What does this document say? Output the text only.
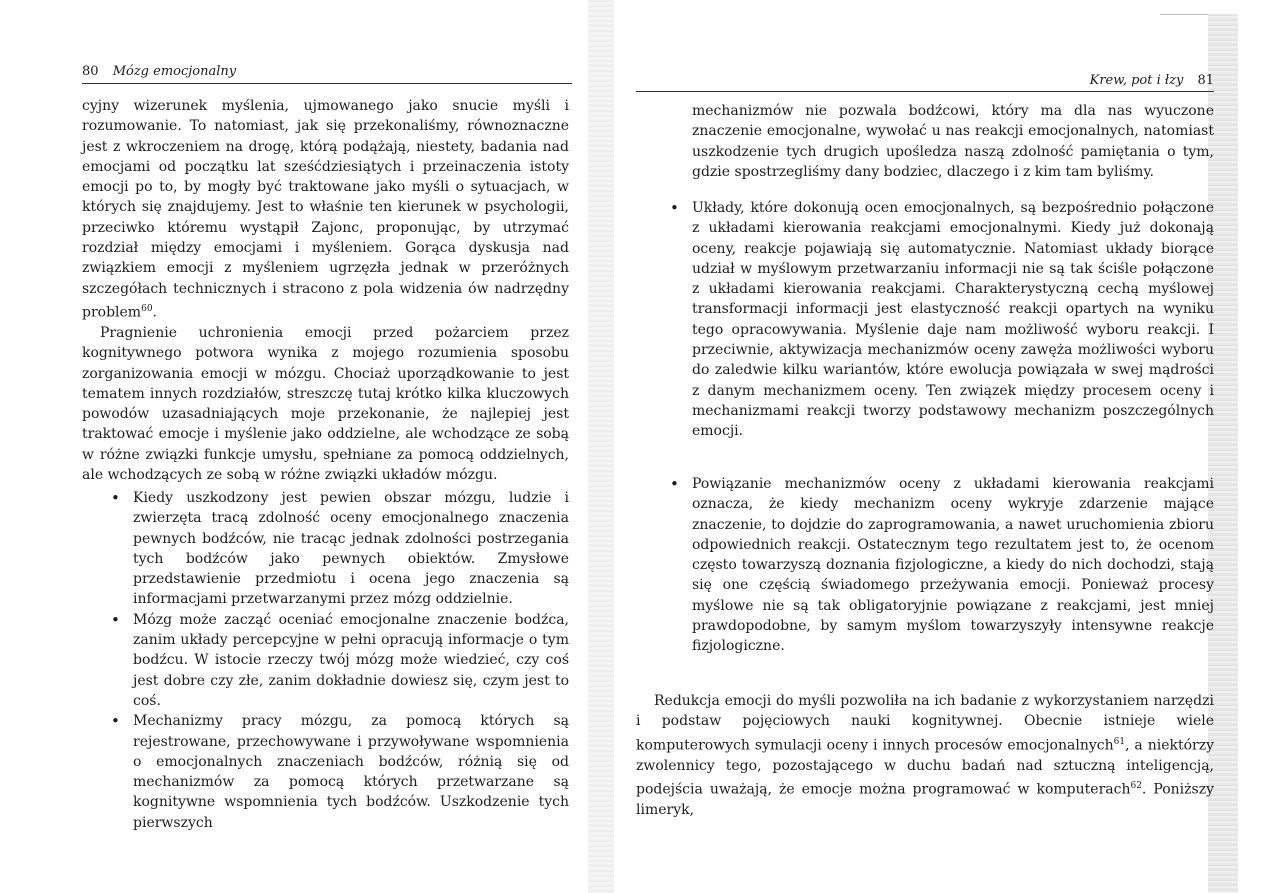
80 Mózg emocjonalny

cyjny wizerunek myślenia, ujmowanego jako snucie myśli i rozumowanie. To natomiast, jak się przekonaliśmy, równoznaczne jest z wkroczeniem na drogę, którą podążają, niestety, badania nad emocjami od początku lat sześćdziesiątych i przeinaczenia istoty emocji po to, by mogły być traktowane jako myśli o sytuacjach, w których się znajdujemy. Jest to właśnie ten kierunek w psychologii, przeciwko któremu wystąpił Zajonc, proponując, by utrzymać rozdział między emocjami i myśleniem. Gorąca dyskusja nad związkiem emocji z myśleniem ugrzęzła jednak w przeróżnych szczegółach technicznych i stracono z pola widzenia ów nadrzędny problem$^{60}$.

Pragnienie uchronienia emocji przed pożarciem przez kognitywnego potwora wynika z mojego rozumienia sposobu zorganizowania emocji w mózgu. Chociaż uporządkowanie to jest tematem innych rozdziałów, streszczę tutaj krótko kilka kluczowych powodów uzasadniających moje przekonanie, że najlepiej jest traktować emocje i myślenie jako oddzielne, ale wchodzące ze sobą w różne związki funkcje umysłu, spełniane za pomocą oddzielnych, ale wchodzących ze sobą w różne związki układów mózgu.

• Kiedy uszkodzony jest pewien obszar mózgu, ludzie i zwierzęta tracą zdolność oceny emocjonalnego znaczenia pewnych bodźców, nie tracąc jednak zdolności postrzegania tych bodźców jako pewnych obiektów. Zmysłowe przedstawienie przedmiotu i ocena jego znaczenia są informacjami przetwarzanymi przez mózg oddzielnie.
• Mózg może zacząć oceniać emocjonalne znaczenie bodźca, zanim układy percepcyjne w pełni opracują informacje o tym bodźcu. W istocie rzeczy twój mózg może wiedzieć, czy coś jest dobre czy złe, zanim dokładnie dowiesz się, czym jest to coś.
• Mechanizmy pracy mózgu, za pomocą których są rejestrowane, przechowywane i przywoływane wspomnienia o emocjonalnych znaczeniach bodźców, różnią się od mechanizmów za pomocą których przetwarzane są kognitywne wspomnienia tych bodźców. Uszkodzenie tych pierwszych
Krew, pot i łzy 81

mechanizmów nie pozwala bodźcowi, który ma dla nas wyuczone znaczenie emocjonalne, wywołać u nas reakcji emocjonalnych, natomiast uszkodzenie tych drugich upośledza naszą zdolność pamiętania o tym, gdzie spostrzegliśmy dany bodziec, dlaczego i z kim tam byliśmy.

• Układy, które dokonują ocen emocjonalnych, są bezpośrednio połączone z układami kierowania reakcjami emocjonalnymi. Kiedy już dokonają oceny, reakcje pojawiają się automatycznie. Natomiast układy biorące udział w myślowym przetwarzaniu informacji nie są tak ściśle połączone z układami kierowania reakcjami. Charakterystyczną cechą myślowej transformacji informacji jest elastyczność reakcji opartych na wyniku tego opracowywania. Myślenie daje nam możliwość wyboru reakcji. I przeciwnie, aktywizacja mechanizmów oceny zawęża możliwości wyboru do zaledwie kilku wariantów, które ewolucja powiązała w swej mądrości z danym mechanizmem oceny. Ten związek między procesem oceny i mechanizmami reakcji tworzy podstawowy mechanizm poszczególnych emocji.
• Powiązanie mechanizmów oceny z układami kierowania reakcjami oznacza, że kiedy mechanizm oceny wykryje zdarzenie mające znaczenie, to dojdzie do zaprogramowania, a nawet uruchomienia zbioru odpowiednich reakcji. Ostatecznym tego rezultatem jest to, że ocenom często towarzyszą doznania fizjologiczne, a kiedy do nich dochodzi, stają się one częścią świadomego przeżywania emocji. Ponieważ procesy myślowe nie są tak obligatoryjnie powiązane z reakcjami, jest mniej prawdopodobne, by samym myślom towarzyszyły intensywne reakcje fizjologiczne.

Redukcja emocji do myśli pozwoliła na ich badanie z wykorzystaniem narzędzi i podstaw pojęciowych nauki kognitywnej. Obecnie istnieje wiele komputerowych symulacji oceny i innych procesów emocjonalnych$^{61}$, a niektórzy zwolennicy tego, pozostającego w duchu badań nad sztuczną inteligencją, podejścia uważają, że emocje można programować w komputerach$^{62}$. Poniższy limeryk,
